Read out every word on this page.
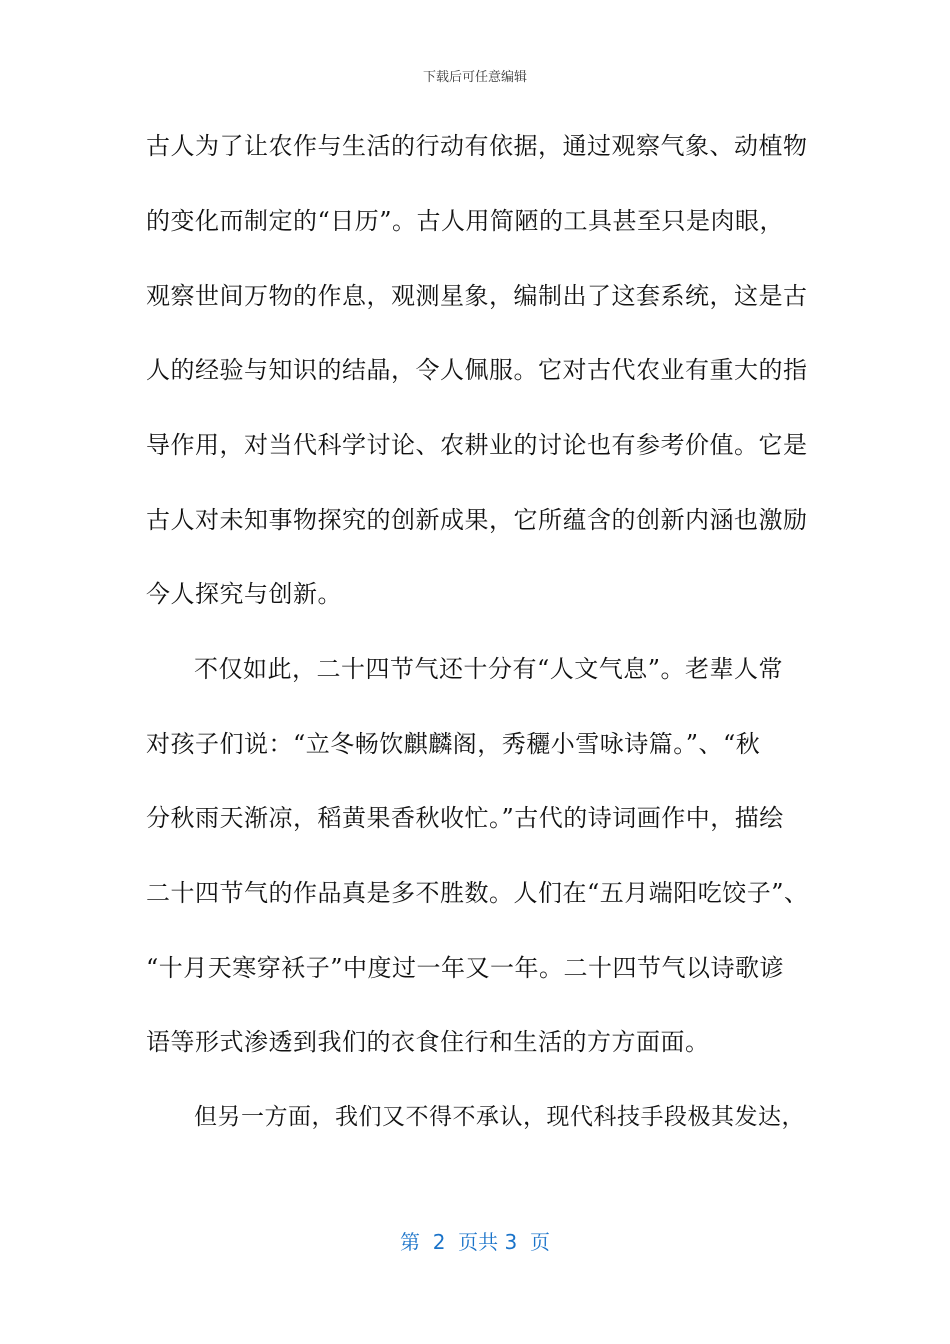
下载后可任意编辑
古人为了让农作与生活的行动有依据，通过观察气象、动植物
的变化而制定的“日历”。古人用简陋的工具甚至只是肉眼，
观察世间万物的作息，观测星象，编制出了这套系统，这是古
人的经验与知识的结晶，令人佩服。它对古代农业有重大的指
导作用，对当代科学讨论、农耕业的讨论也有参考价值。它是
古人对未知事物探究的创新成果，它所蕴含的创新内涵也激励
今人探究与创新。
不仅如此，二十四节气还十分有“人文气息”。老辈人常
对孩子们说：“立冬畅饮麒麟阁，秀穲小雪咏诗篇。”、“秋
分秋雨天渐凉，稻黄果香秋收忙。”古代的诗词画作中，描绘
二十四节气的作品真是多不胜数。人们在“五月端阳吃饺子”、
“十月天寒穿袄子”中度过一年又一年。二十四节气以诗歌谚
语等形式渗透到我们的衣食住行和生活的方方面面。
但另一方面，我们又不得不承认，现代科技手段极其发达，
第  2  页共 3  页
